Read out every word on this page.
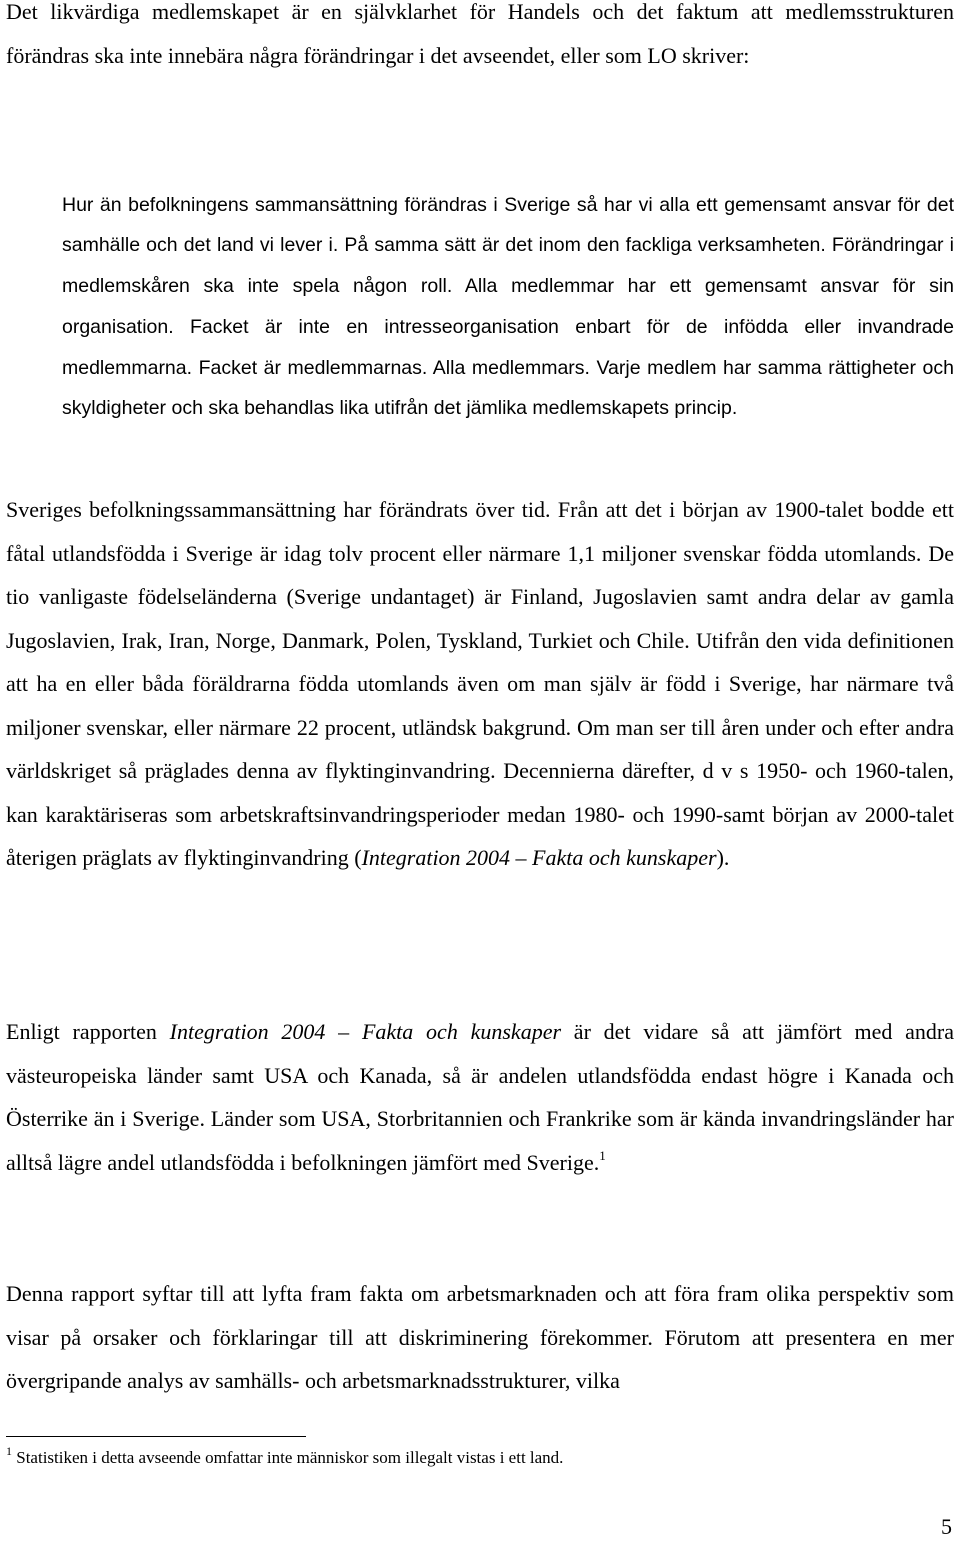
Det likvärdiga medlemskapet är en självklarhet för Handels och det faktum att medlemsstrukturen förändras ska inte innebära några förändringar i det avseendet, eller som LO skriver:

Hur än befolkningens sammansättning förändras i Sverige så har vi alla ett gemensamt ansvar för det samhälle och det land vi lever i. På samma sätt är det inom den fackliga verksamheten. Förändringar i medlemskåren ska inte spela någon roll. Alla medlemmar har ett gemensamt ansvar för sin organisation. Facket är inte en intresseorganisation enbart för de infödda eller invandrade medlemmarna. Facket är medlemmarnas. Alla medlemmars. Varje medlem har samma rättigheter och skyldigheter och ska behandlas lika utifrån det jämlika medlemskapets princip.

Sveriges befolkningssammansättning har förändrats över tid. Från att det i början av 1900-talet bodde ett fåtal utlandsfödda i Sverige är idag tolv procent eller närmare 1,1 miljoner svenskar födda utomlands. De tio vanligaste födelseländerna (Sverige undantaget) är Finland, Jugoslavien samt andra delar av gamla Jugoslavien, Irak, Iran, Norge, Danmark, Polen, Tyskland, Turkiet och Chile. Utifrån den vida definitionen att ha en eller båda föräldrarna födda utomlands även om man själv är född i Sverige, har närmare två miljoner svenskar, eller närmare 22 procent, utländsk bakgrund. Om man ser till åren under och efter andra världskriget så präglades denna av flyktinginvandring. Decennierna därefter, d v s 1950- och 1960-talen, kan karaktäriseras som arbetskraftsinvandringsperioder medan 1980- och 1990-samt början av 2000-talet återigen präglats av flyktinginvandring (Integration 2004 – Fakta och kunskaper).

Enligt rapporten Integration 2004 – Fakta och kunskaper är det vidare så att jämfört med andra västeuropeiska länder samt USA och Kanada, så är andelen utlandsfödda endast högre i Kanada och Österrike än i Sverige. Länder som USA, Storbritannien och Frankrike som är kända invandringsländer har alltså lägre andel utlandsfödda i befolkningen jämfört med Sverige.$^1$

Denna rapport syftar till att lyfta fram fakta om arbetsmarknaden och att föra fram olika perspektiv som visar på orsaker och förklaringar till att diskriminering förekommer. Förutom att presentera en mer övergripande analys av samhälls- och arbetsmarknadsstrukturer, vilka

$^1$ Statistiken i detta avseende omfattar inte människor som illegalt vistas i ett land.
5
